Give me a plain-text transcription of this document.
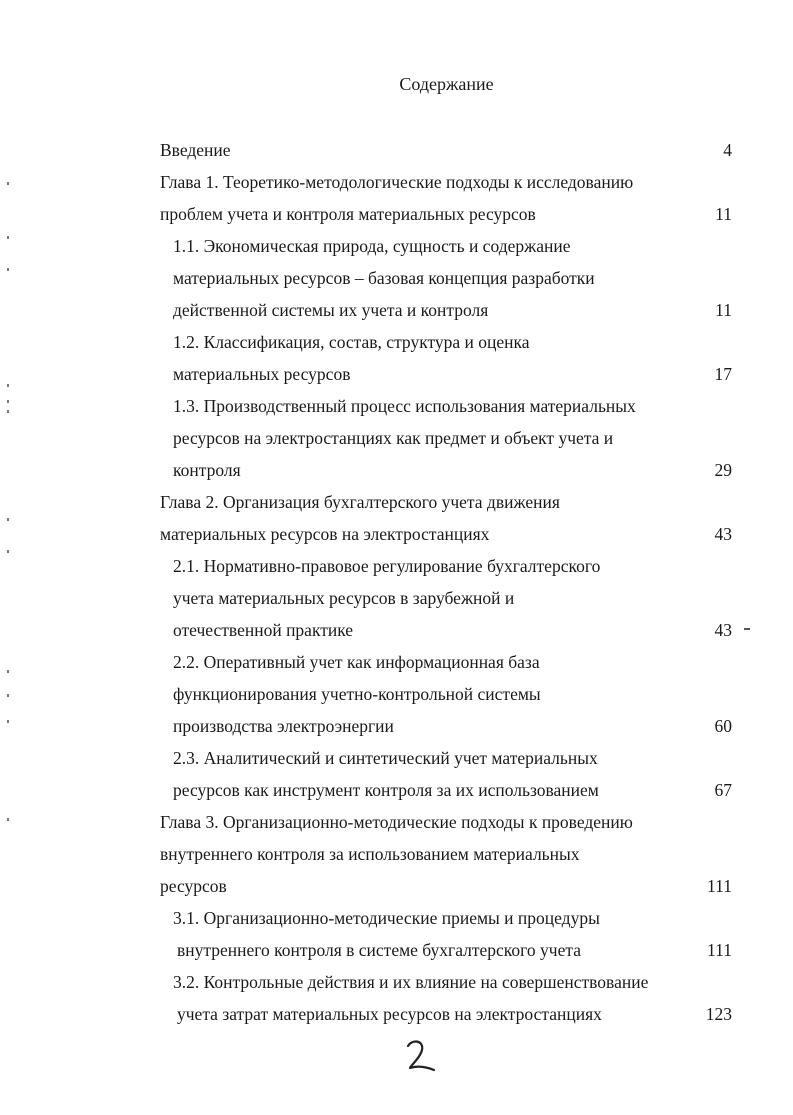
Содержание
Введение	4
Глава 1. Теоретико-методологические подходы к исследованию
проблем учета и контроля материальных ресурсов	11
1.1. Экономическая природа, сущность и содержание
материальных ресурсов – базовая концепция разработки
действенной системы их учета и контроля	11
1.2. Классификация, состав, структура и оценка
материальных ресурсов	17
1.3. Производственный процесс использования материальных
ресурсов на электростанциях как предмет и объект учета и
контроля	29
Глава 2. Организация бухгалтерского учета движения
материальных ресурсов на электростанциях	43
2.1. Нормативно-правовое регулирование бухгалтерского
учета материальных ресурсов в зарубежной и
отечественной практике	43
2.2. Оперативный учет как информационная база
функционирования учетно-контрольной системы
производства электроэнергии	60
2.3. Аналитический и синтетический учет материальных
ресурсов как инструмент контроля за их использованием	67
Глава 3. Организационно-методические подходы к проведению
внутреннего контроля за использованием материальных
ресурсов	111
3.1. Организационно-методические приемы и процедуры
внутреннего контроля в системе бухгалтерского учета	111
3.2. Контрольные действия и их влияние на совершенствование
учета затрат материальных ресурсов на электростанциях	123
